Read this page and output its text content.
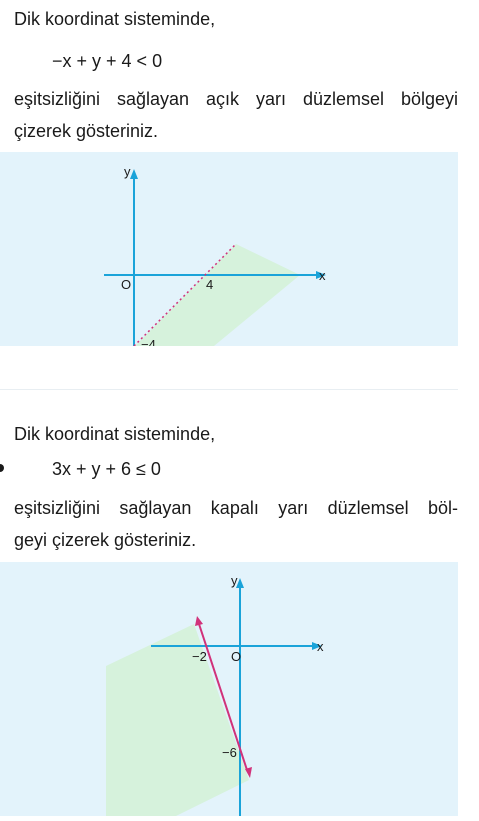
Dik koordinat sisteminde,
−x + y + 4 < 0
eşitsizliğini sağlayan açık yarı düzlemsel bölgeyi
çizerek gösteriniz.
y
x
O	4
−4
Dik koordinat sisteminde,
3x + y + 6 ≤ 0
eşitsizliğini sağlayan kapalı yarı düzlemsel böl-
geyi çizerek gösteriniz.
y
x
O
−2
−6
